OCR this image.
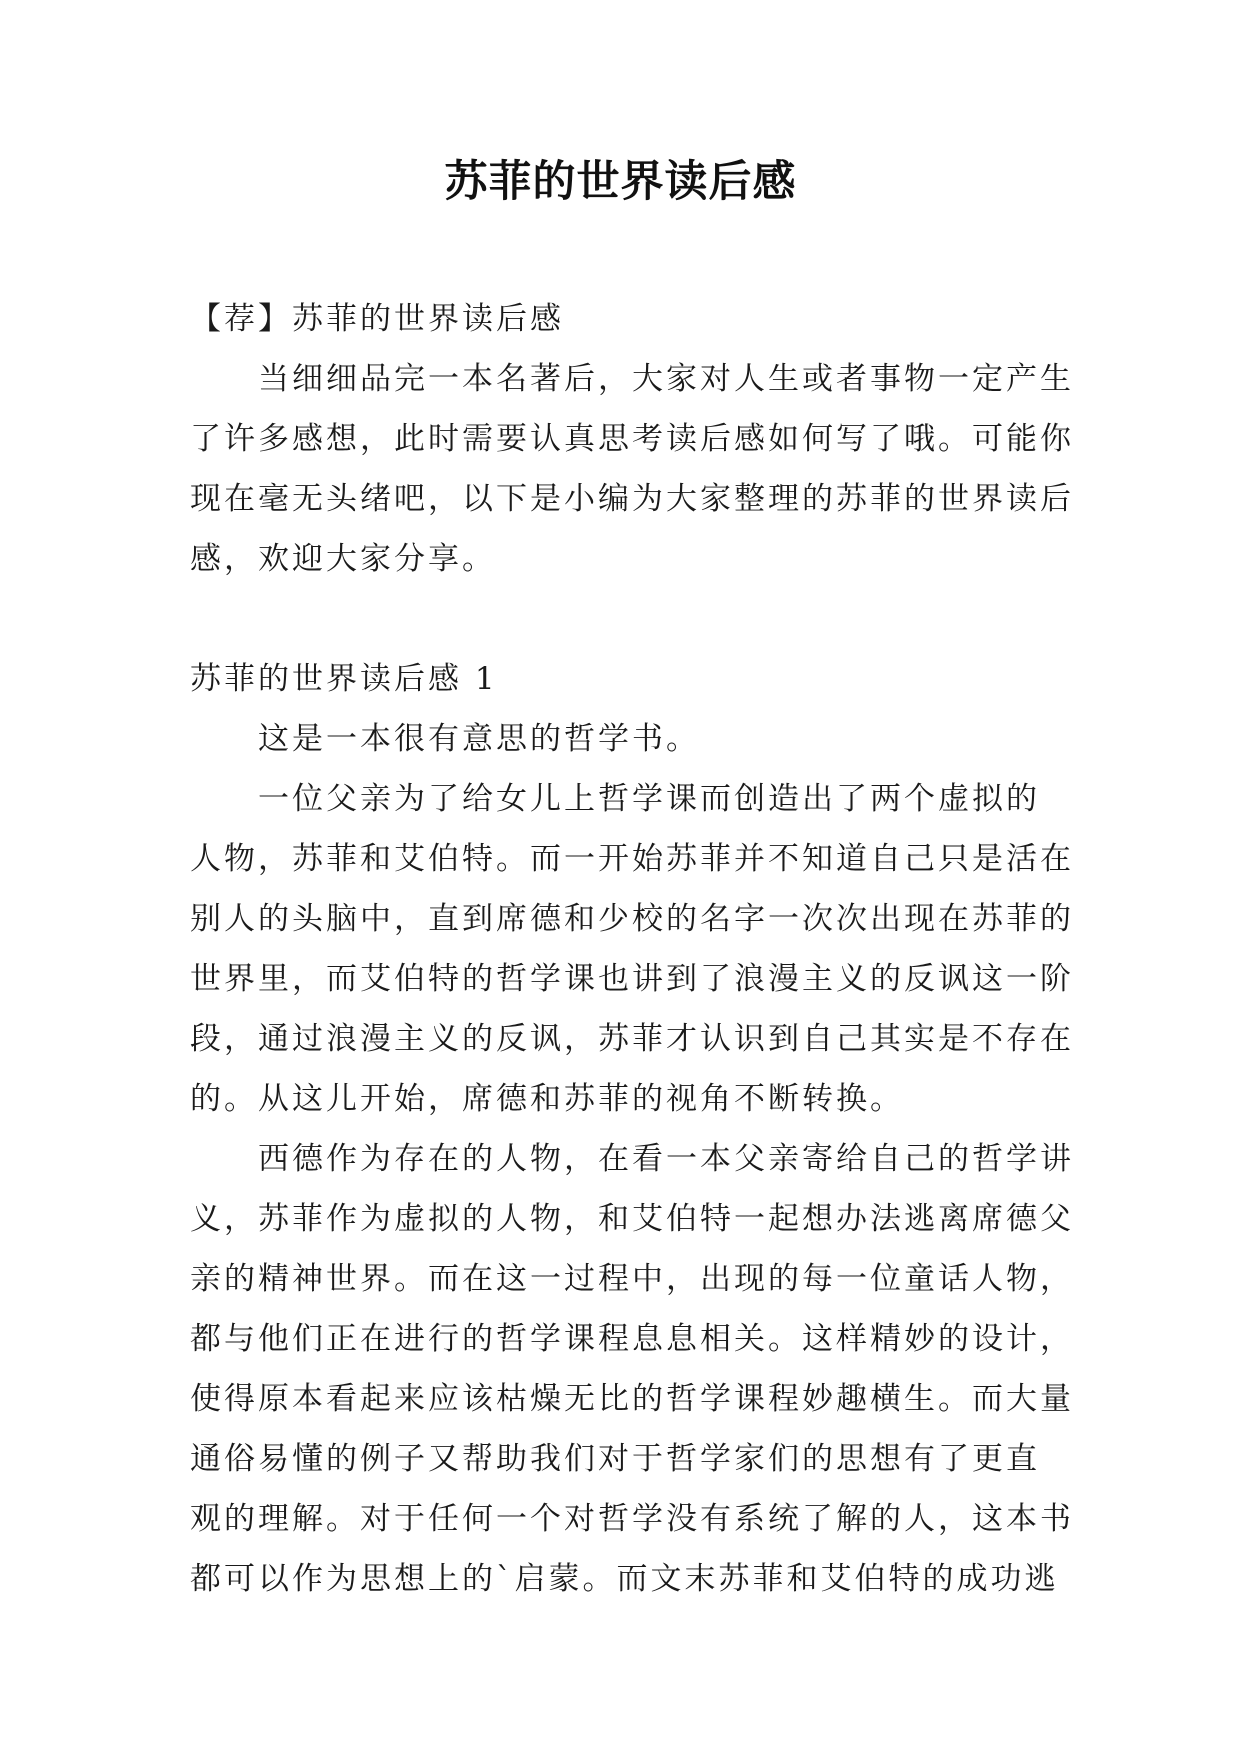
苏菲的世界读后感
【荐】苏菲的世界读后感
当细细品完一本名著后，大家对人生或者事物一定产生
了许多感想，此时需要认真思考读后感如何写了哦。可能你
现在毫无头绪吧，以下是小编为大家整理的苏菲的世界读后
感，欢迎大家分享。
苏菲的世界读后感 1
这是一本很有意思的哲学书。
一位父亲为了给女儿上哲学课而创造出了两个虚拟的
人物，苏菲和艾伯特。而一开始苏菲并不知道自己只是活在
别人的头脑中，直到席德和少校的名字一次次出现在苏菲的
世界里，而艾伯特的哲学课也讲到了浪漫主义的反讽这一阶
段，通过浪漫主义的反讽，苏菲才认识到自己其实是不存在
的。从这儿开始，席德和苏菲的视角不断转换。
西德作为存在的人物，在看一本父亲寄给自己的哲学讲
义，苏菲作为虚拟的人物，和艾伯特一起想办法逃离席德父
亲的精神世界。而在这一过程中，出现的每一位童话人物，
都与他们正在进行的哲学课程息息相关。这样精妙的设计，
使得原本看起来应该枯燥无比的哲学课程妙趣横生。而大量
通俗易懂的例子又帮助我们对于哲学家们的思想有了更直
观的理解。对于任何一个对哲学没有系统了解的人，这本书
都可以作为思想上的`启蒙。而文末苏菲和艾伯特的成功逃
